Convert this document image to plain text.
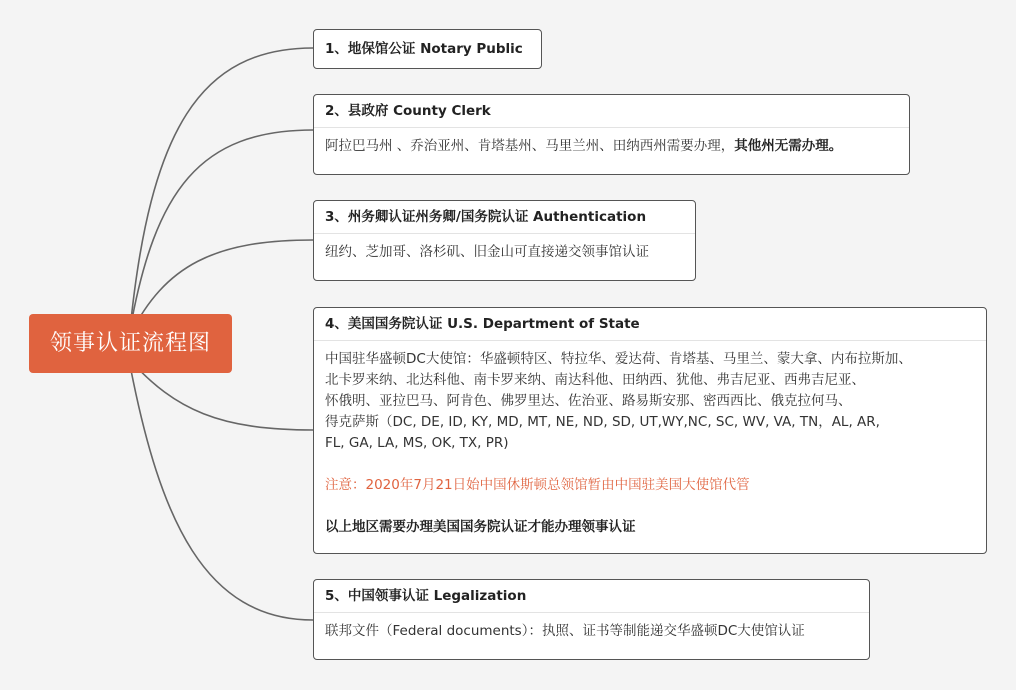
领事认证流程图
1、地保馆公证 Notary Public
2、县政府 County Clerk
阿拉巴马州 、乔治亚州、肯塔基州、马里兰州、田纳西州需要办理，其他州无需办理。
3、州务卿认证州务卿/国务院认证 Authentication
纽约、芝加哥、洛杉矶、旧金山可直接递交领事馆认证
4、美国国务院认证 U.S. Department of State
中国驻华盛顿DC大使馆：华盛顿特区、特拉华、爱达荷、肯塔基、马里兰、蒙大拿、内布拉斯加、
北卡罗来纳、北达科他、南卡罗来纳、南达科他、田纳西、犹他、弗吉尼亚、西弗吉尼亚、
怀俄明、亚拉巴马、阿肯色、佛罗里达、佐治亚、路易斯安那、密西西比、俄克拉何马、
得克萨斯（DC, DE, ID, KY, MD, MT, NE, ND, SD, UT,WY,NC, SC, WV, VA, TN，AL, AR,
FL, GA, LA, MS, OK, TX, PR)
注意：2020年7月21日始中国休斯顿总领馆暂由中国驻美国大使馆代管
以上地区需要办理美国国务院认证才能办理领事认证
5、中国领事认证 Legalization
联邦文件（Federal documents）：执照、证书等制能递交华盛顿DC大使馆认证
